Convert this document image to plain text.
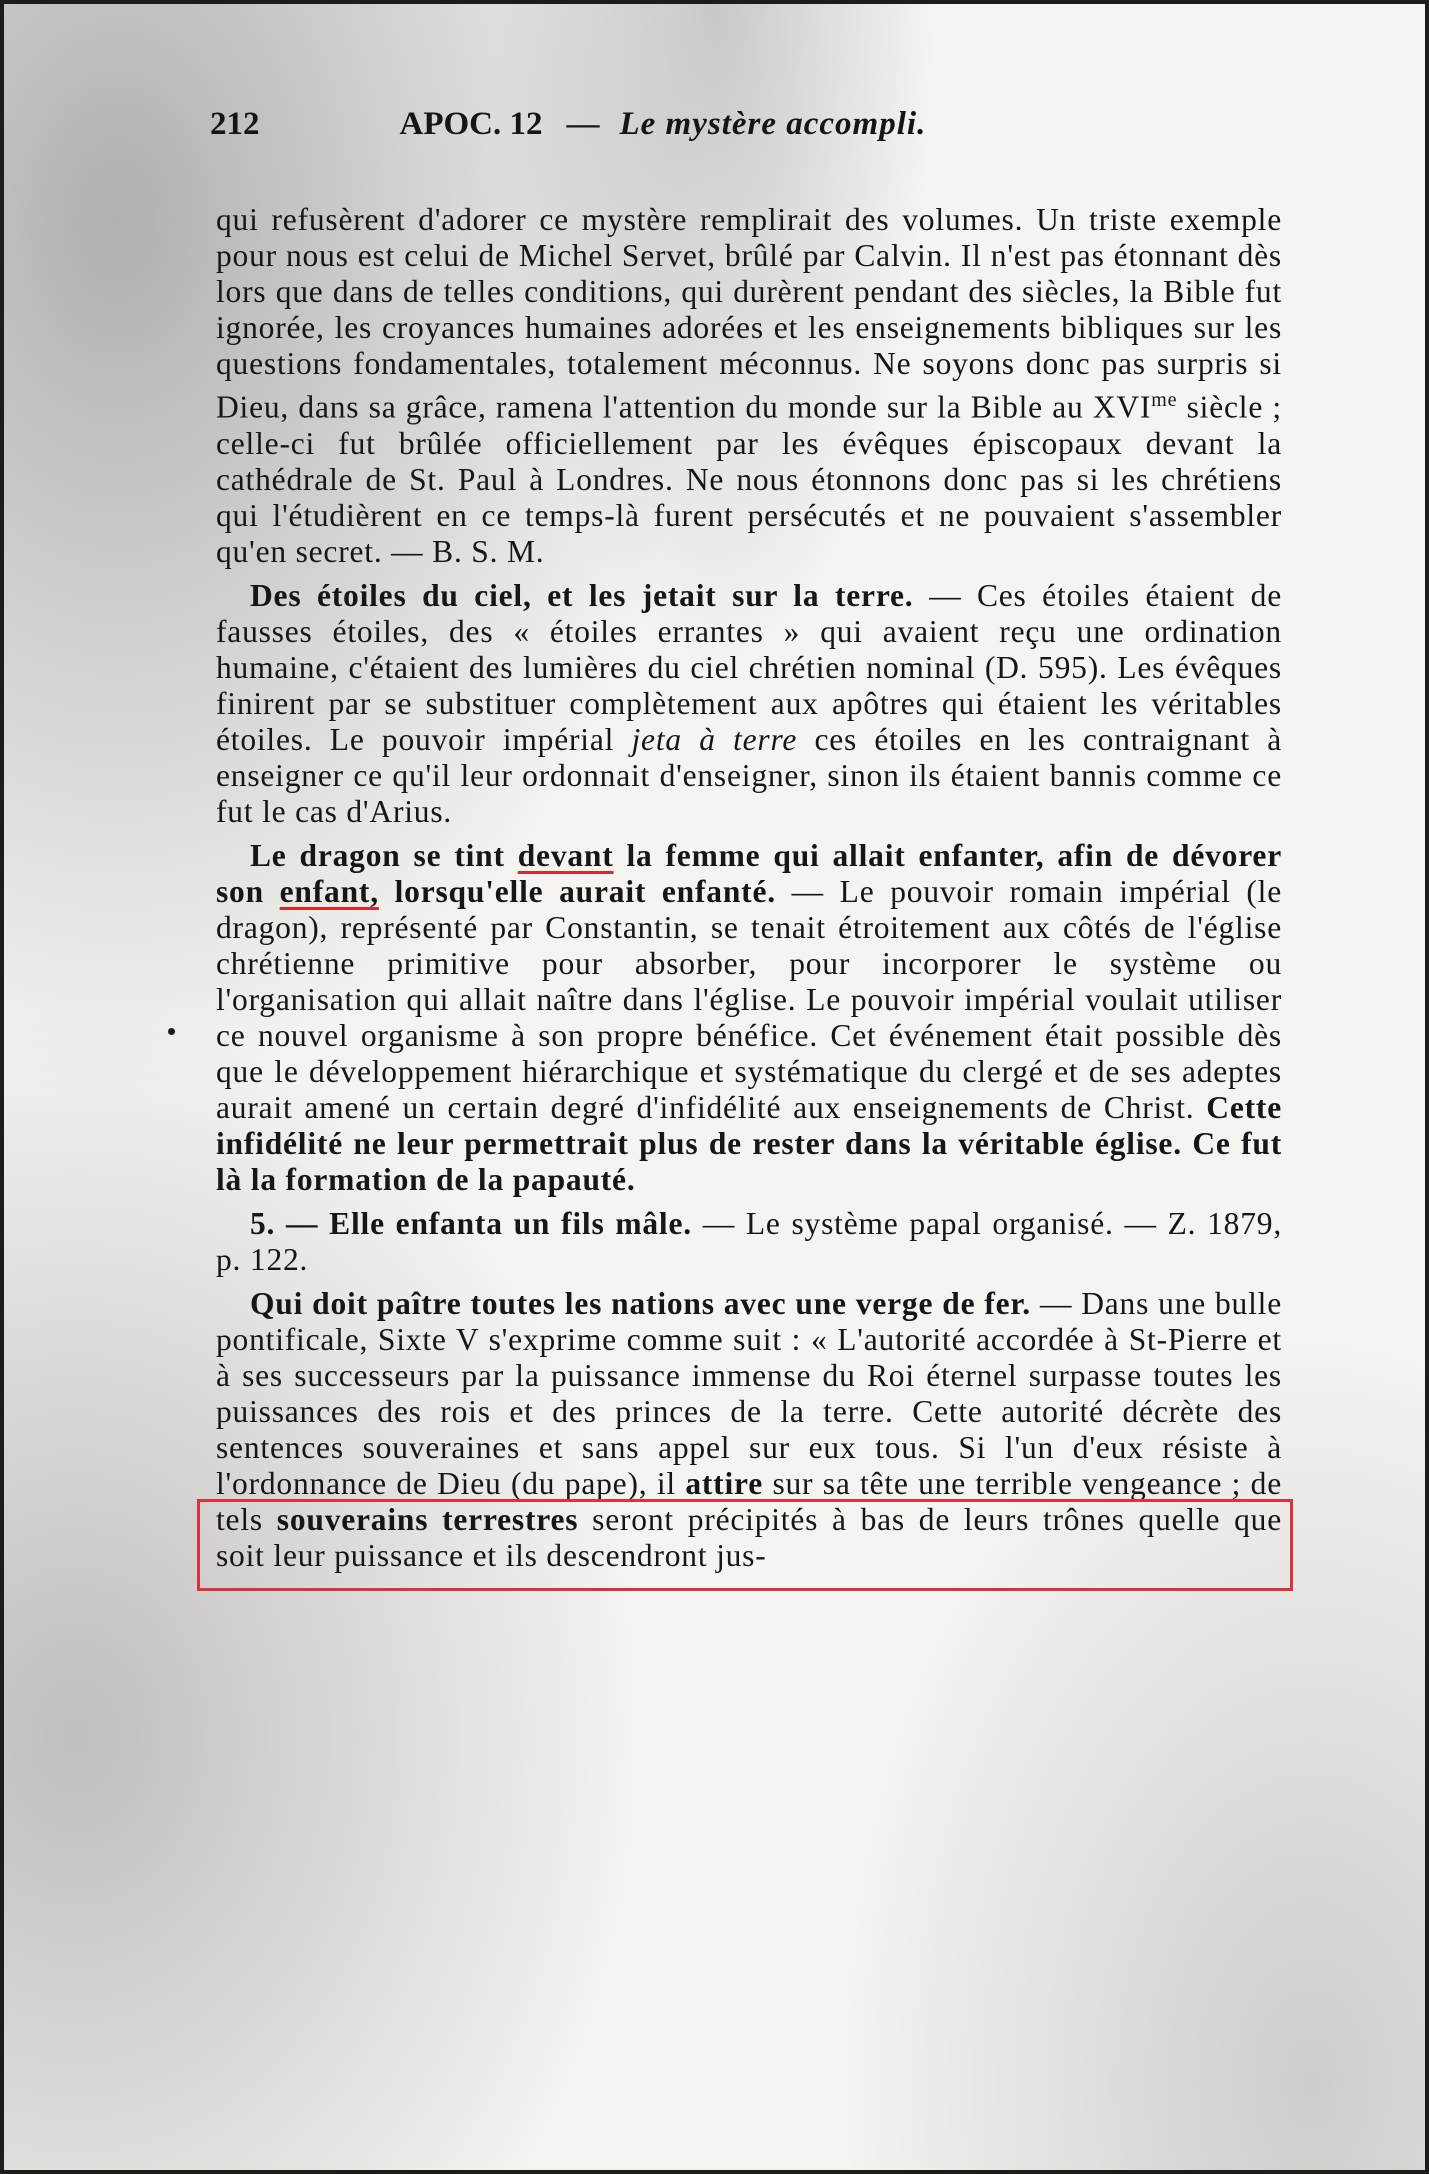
212	APOC. 12 — Le mystère accompli.

qui refusèrent d'adorer ce mystère remplirait des volumes. Un triste exemple pour nous est celui de Michel Servet, brûlé par Calvin. Il n'est pas étonnant dès lors que dans de telles conditions, qui durèrent pendant des siècles, la Bible fut ignorée, les croyances humaines adorées et les enseignements bibliques sur les questions fondamentales, totalement méconnus. Ne soyons donc pas surpris si Dieu, dans sa grâce, ramena l'attention du monde sur la Bible au $XVI^{me}$ siècle ; celle-ci fut brûlée officiellement par les évêques épiscopaux devant la cathédrale de St. Paul à Londres. Ne nous étonnons donc pas si les chrétiens qui l'étudièrent en ce temps-là furent persécutés et ne pouvaient s'assembler qu'en secret. — B. S. M.

Des étoiles du ciel, et les jetait sur la terre. — Ces étoiles étaient de fausses étoiles, des « étoiles errantes » qui avaient reçu une ordination humaine, c'étaient des lumières du ciel chrétien nominal (D. 595). Les évêques finirent par se substituer complètement aux apôtres qui étaient les véritables étoiles. Le pouvoir impérial jeta à terre ces étoiles en les contraignant à enseigner ce qu'il leur ordonnait d'enseigner, sinon ils étaient bannis comme ce fut le cas d'Arius.

Le dragon se tint devant la femme qui allait enfanter, afin de dévorer son enfant, lorsqu'elle aurait enfanté. — Le pouvoir romain impérial (le dragon), représenté par Constantin, se tenait étroitement aux côtés de l'église chrétienne primitive pour absorber, pour incorporer le système ou l'organisation qui allait naître dans l'église. Le pouvoir impérial voulait utiliser ce nouvel organisme à son propre bénéfice. Cet événement était possible dès que le développement hiérarchique et systématique du clergé et de ses adeptes aurait amené un certain degré d'infidélité aux enseignements de Christ. Cette infidélité ne leur permettrait plus de rester dans la véritable église. Ce fut là la formation de la papauté.

5. — Elle enfanta un fils mâle. — Le système papal organisé. — Z. 1879, p. 122.

Qui doit paître toutes les nations avec une verge de fer. — Dans une bulle pontificale, Sixte V s'exprime comme suit : « L'autorité accordée à St-Pierre et à ses successeurs par la puissance immense du Roi éternel surpasse toutes les puissances des rois et des princes de la terre. Cette autorité décrète des sentences souveraines et sans appel sur eux tous. Si l'un d'eux résiste à l'ordonnance de Dieu (du pape), il attire sur sa tête une terrible vengeance ; de tels souverains terrestres seront précipités à bas de leurs trônes quelle que soit leur puissance et ils descendront jus-
